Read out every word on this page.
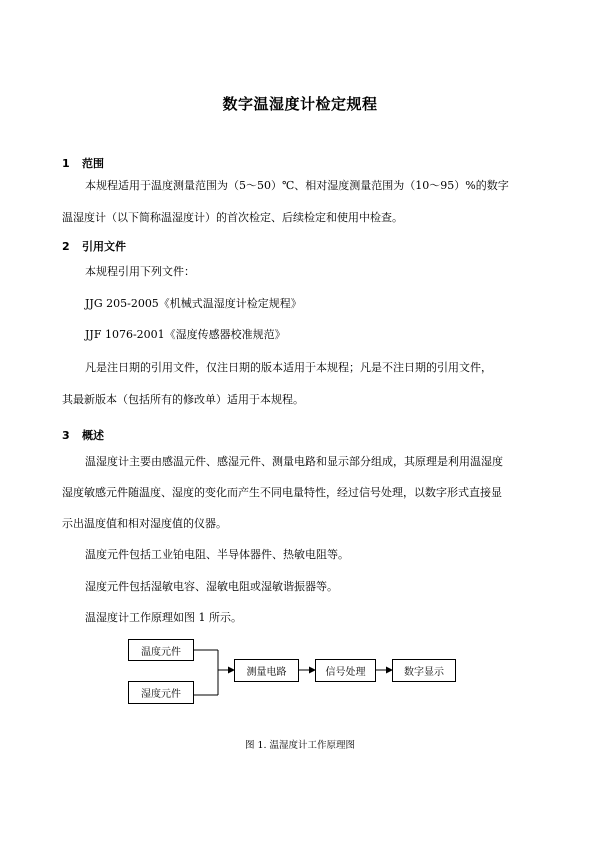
数字温湿度计检定规程
1 范围
本规程适用于温度测量范围为（5～50）℃、相对湿度测量范围为（10～95）%的数字
温湿度计（以下简称温湿度计）的首次检定、后续检定和使用中检查。
2 引用文件
本规程引用下列文件：
JJG 205-2005《机械式温湿度计检定规程》
JJF 1076-2001《湿度传感器校准规范》
凡是注日期的引用文件，仅注日期的版本适用于本规程；凡是不注日期的引用文件，
其最新版本（包括所有的修改单）适用于本规程。
3 概述
温湿度计主要由感温元件、感湿元件、测量电路和显示部分组成，其原理是利用温湿度
湿度敏感元件随温度、湿度的变化而产生不同电量特性，经过信号处理，以数字形式直接显
示出温度值和相对湿度值的仪器。
温度元件包括工业铂电阻、半导体器件、热敏电阻等。
湿度元件包括湿敏电容、湿敏电阻或湿敏谐振器等。
温湿度计工作原理如图 1 所示。
温度元件
湿度元件
测量电路	信号处理	数字显示
图 1. 温湿度计工作原理图
